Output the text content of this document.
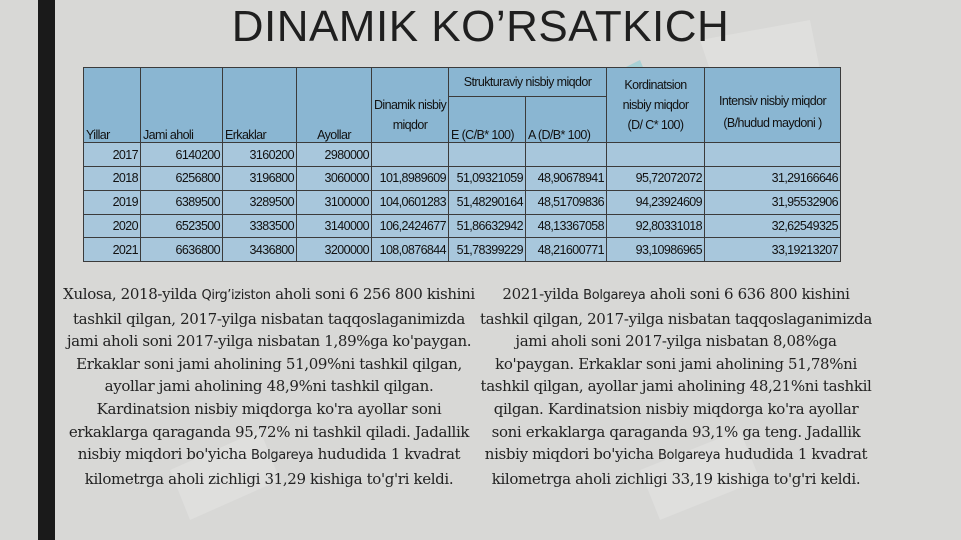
DINAMIK KO’RSATKICH
Yillar	Jami aholi	Erkaklar	Ayollar	Dinamik nisbiy
miqdor	Strukturaviy nisbiy miqdor		Kordinatsion
nisbiy miqdor
(D/ C* 100)	Intensiv nisbiy miqdor
(B/hudud maydoni )
					E (C/B* 100)	A (D/B* 100)		
2017	6140200	3160200	2980000					
2018	6256800	3196800	3060000	101,8989609	51,09321059	48,90678941	95,72072072	31,29166646
2019	6389500	3289500	3100000	104,0601283	51,48290164	48,51709836	94,23924609	31,95532906
2020	6523500	3383500	3140000	106,2424677	51,86632942	48,13367058	92,80331018	32,62549325
2021	6636800	3436800	3200000	108,0876844	51,78399229	48,21600771	93,10986965	33,19213207
Xulosa, 2018-yilda Qirg’iziston aholi soni 6 256 800 kishini tashkil qilgan, 2017-yilga nisbatan taqqoslaganimizda jami aholi soni 2017-yilga nisbatan 1,89%ga ko'paygan. Erkaklar soni jami aholining 51,09%ni tashkil qilgan, ayollar jami aholining 48,9%ni tashkil qilgan. Kardinatsion nisbiy miqdorga ko'ra ayollar soni erkaklarga qaraganda 95,72% ni tashkil qiladi. Jadallik nisbiy miqdori bo'yicha Bolgareya hududida 1 kvadrat kilometrga aholi zichligi 31,29 kishiga to'g'ri keldi.
2021-yilda Bolgareya aholi soni 6 636 800 kishini tashkil qilgan, 2017-yilga nisbatan taqqoslaganimizda jami aholi soni 2017-yilga nisbatan 8,08%ga ko'paygan. Erkaklar soni jami aholining 51,78%ni tashkil qilgan, ayollar jami aholining 48,21%ni tashkil qilgan. Kardinatsion nisbiy miqdorga ko'ra ayollar soni erkaklarga qaraganda 93,1% ga teng. Jadallik nisbiy miqdori bo'yicha Bolgareya hududida 1 kvadrat kilometrga aholi zichligi 33,19 kishiga to'g'ri keldi.
